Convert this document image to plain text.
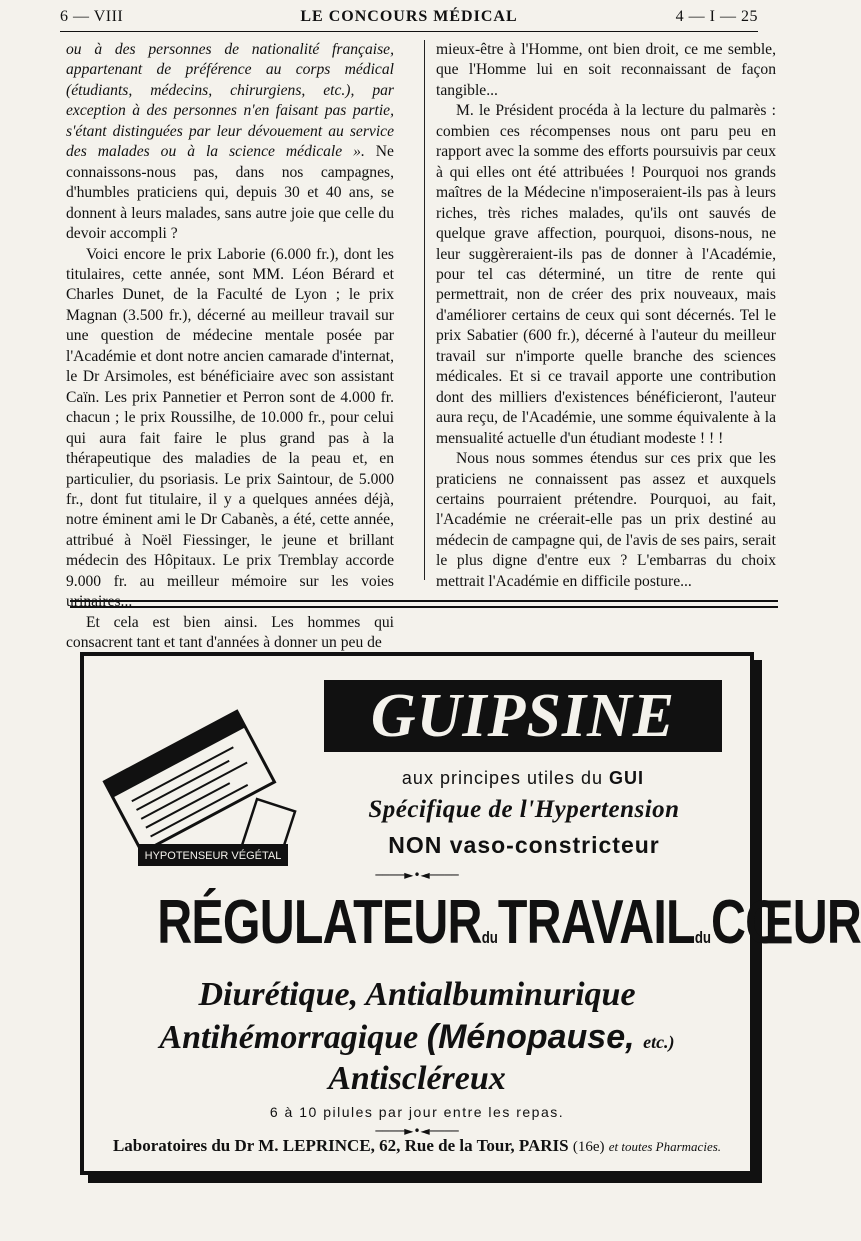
6 — VIII	LE CONCOURS MÉDICAL	4 — I — 25

ou à des personnes de nationalité française, appartenant de préférence au corps médical (étudiants, médecins, chirurgiens, etc.), par exception à des personnes n'en faisant pas partie, s'étant distinguées par leur dévouement au service des malades ou à la science médicale ». Ne connaissons-nous pas, dans nos campagnes, d'humbles praticiens qui, depuis 30 et 40 ans, se donnent à leurs malades, sans autre joie que celle du devoir accompli ?

Voici encore le prix Laborie (6.000 fr.), dont les titulaires, cette année, sont MM. Léon Bérard et Charles Dunet, de la Faculté de Lyon ; le prix Magnan (3.500 fr.), décerné au meilleur travail sur une question de médecine mentale posée par l'Académie et dont notre ancien camarade d'internat, le Dr Arsimoles, est bénéficiaire avec son assistant Caïn. Les prix Pannetier et Perron sont de 4.000 fr. chacun ; le prix Roussilhe, de 10.000 fr., pour celui qui aura fait faire le plus grand pas à la thérapeutique des maladies de la peau et, en particulier, du psoriasis. Le prix Saintour, de 5.000 fr., dont fut titulaire, il y a quelques années déjà, notre éminent ami le Dr Cabanès, a été, cette année, attribué à Noël Fiessinger, le jeune et brillant médecin des Hôpitaux. Le prix Tremblay accorde 9.000 fr. au meilleur mémoire sur les voies urinaires...

Et cela est bien ainsi. Les hommes qui consacrent tant et tant d'années à donner un peu de

mieux-être à l'Homme, ont bien droit, ce me semble, que l'Homme lui en soit reconnaissant de façon tangible...

M. le Président procéda à la lecture du palmarès : combien ces récompenses nous ont paru peu en rapport avec la somme des efforts poursuivis par ceux à qui elles ont été attribuées ! Pourquoi nos grands maîtres de la Médecine n'imposeraient-ils pas à leurs riches, très riches malades, qu'ils ont sauvés de quelque grave affection, pourquoi, disons-nous, ne leur suggèreraient-ils pas de donner à l'Académie, pour tel cas déterminé, un titre de rente qui permettrait, non de créer des prix nouveaux, mais d'améliorer certains de ceux qui sont décernés. Tel le prix Sabatier (600 fr.), décerné à l'auteur du meilleur travail sur n'importe quelle branche des sciences médicales. Et si ce travail apporte une contribution dont des milliers d'existences bénéficieront, l'auteur aura reçu, de l'Académie, une somme équivalente à la mensualité actuelle d'un étudiant modeste ! ! !

Nous nous sommes étendus sur ces prix que les praticiens ne connaissent pas assez et auxquels certains pourraient prétendre. Pourquoi, au fait, l'Académie ne créerait-elle pas un prix destiné au médecin de campagne qui, de l'avis de ses pairs, serait le plus digne d'entre eux ? L'embarras du choix mettrait l'Académie en difficile posture...

HYPOTENSEUR VÉGÉTAL
GUIPSINE
aux principes utiles du GUI
Spécifique de l'Hypertension
NON vaso-constricteur
────►•◄────
RÉGULATEURduTRAVAILduCŒUR
Diurétique, Antialbuminurique
Antihémorragique (Ménopause, etc.)
Antiscléreux
6 à 10 pilules par jour entre les repas.
────►•◄────
Laboratoires du Dr M. LEPRINCE, 62, Rue de la Tour, PARIS (16e) et toutes Pharmacies.
